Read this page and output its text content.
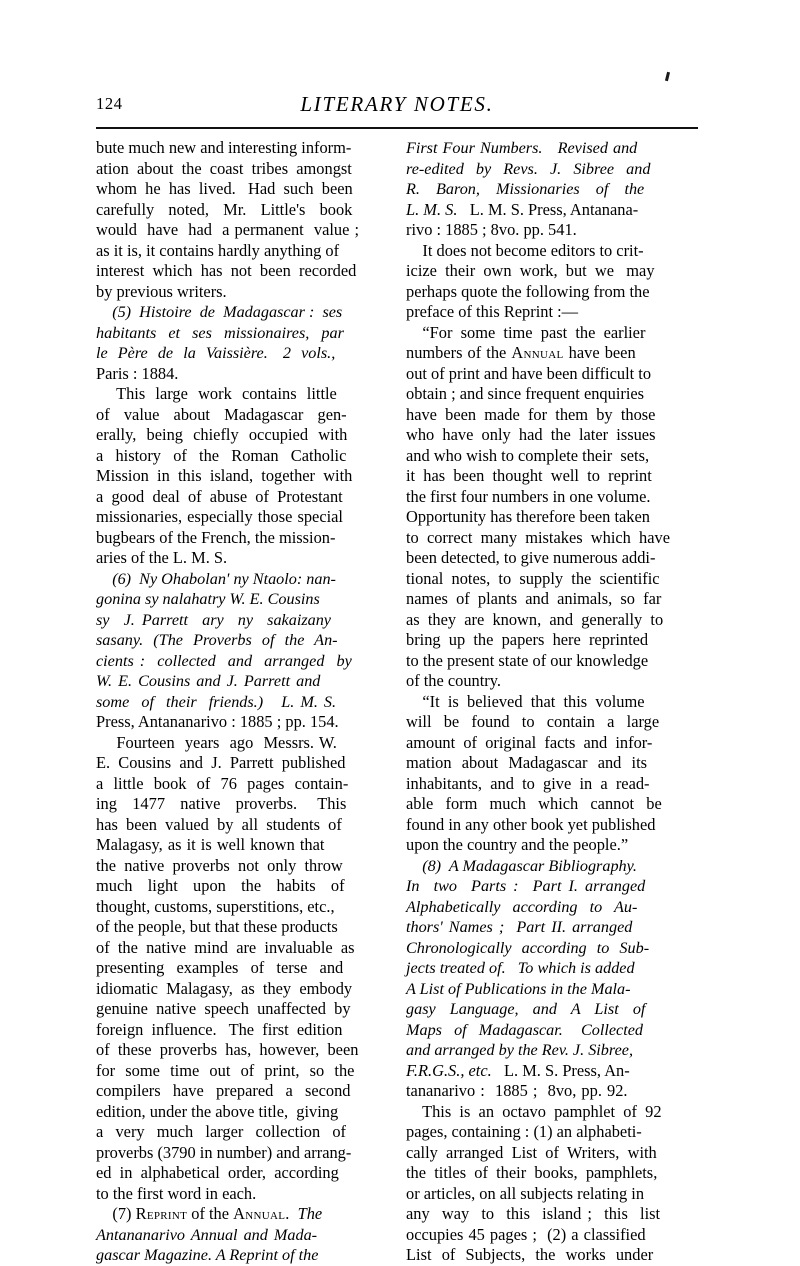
124	LITERARY NOTES.
bute much new and interesting inform-
ation  about  the  coast  tribes  amongst
whom  he  has  lived.   Had  such  been
carefully  noted,  Mr.  Little's  book
would  have  had  a permanent  value ;
as it is, it contains hardly anything of
interest  which  has  not  been  recorded
by previous writers.
(5)  Histoire  de  Madagascar :  ses
habitants  et  ses  missionaires,  par
le  Père  de  la  Vaissière.   2  vols.,
Paris : 1884.
This  large  work  contains  little
of  value  about  Madagascar  gen-
erally,  being  chiefly  occupied  with
a  history  of  the  Roman  Catholic
Mission  in  this  island,  together  with
a  good  deal  of  abuse  of  Protestant
missionaries, especially those special
bugbears of the French, the mission-
aries of the L. M. S.
(6)  Ny Ohabolan' ny Ntaolo: nan-
gonina sy nalahatry W. E. Cousins
sy  J. Parrett  ary  ny  sakaizany
sasany.  (The  Proverbs  of  the  An-
cients :  collected  and  arranged  by
W. E. Cousins and J. Parrett and
some  of  their  friends.)   L. M. S.
Press, Antananarivo : 1885 ; pp. 154.
Fourteen  years  ago  Messrs. W.
E.  Cousins  and  J.  Parrett  published
a  little  book  of  76  pages  contain-
ing   1477   native   proverbs.    This
has  been  valued  by  all  students  of
Malagasy, as it is well known that
the  native  proverbs  not  only  throw
much   light   upon   the   habits   of
thought, customs, superstitions, etc.,
of the people, but that these products
of  the  native  mind  are  invaluable  as
presenting  examples  of  terse  and
idiomatic  Malagasy,  as  they  embody
genuine  native  speech  unaffected  by
foreign  influence.   The  first  edition
of  these  proverbs  has,  however,  been
for  some  time  out  of  print,  so  the
compilers  have  prepared  a  second
edition, under the above title,  giving
a  very  much  larger  collection  of
proverbs (3790 in number) and arrang-
ed  in  alphabetical  order,  according
to the first word in each.
(7) Reprint of the Annual.  The
Antananarivo Annual and Mada-
gascar Magazine. A Reprint of the
First Four Numbers.   Revised and
re-edited  by  Revs.  J.  Sibree  and
R.  Baron,  Missionaries  of  the
L. M. S.   L. M. S. Press, Antanana-
rivo : 1885 ; 8vo. pp. 541.
It does not become editors to crit-
icize  their  own  work,  but  we   may
perhaps quote the following from the
preface of this Reprint :—
“For  some  time  past  the  earlier
numbers of the Annual have been
out of print and have been difficult to
obtain ; and since frequent enquiries
have  been  made  for  them  by  those
who  have  only  had  the  later  issues
and who wish to complete their  sets,
it  has  been  thought  well  to  reprint
the first four numbers in one volume.
Opportunity has therefore been taken
to  correct  many  mistakes  which  have
been detected, to give numerous addi-
tional  notes,  to  supply  the  scientific
names  of  plants  and  animals,  so  far
as  they  are  known,  and  generally  to
bring  up  the  papers  here  reprinted
to the present state of our knowledge
of the country.
“It  is  believed  that  this  volume
will  be  found  to  contain  a  large
amount  of  original  facts  and  infor-
mation  about  Madagascar  and  its
inhabitants,  and  to  give  in  a  read-
able  form  much  which  cannot  be
found in any other book yet published
upon the country and the people.”
(8)  A Madagascar Bibliography.
In  two  Parts :  Part I. arranged
Alphabetically  according  to  Au-
thors' Names ;  Part II. arranged
Chronologically  according  to  Sub-
jects treated of.   To which is added
A List of Publications in the Mala-
gasy  Language,  and  A  List  of
Maps  of  Madagascar.   Collected
and arranged by the Rev. J. Sibree,
F.R.G.S., etc.   L. M. S. Press, An-
tananarivo :  1885 ;  8vo, pp. 92.
This  is  an  octavo  pamphlet  of  92
pages, containing : (1) an alphabeti-
cally  arranged  List  of  Writers,  with
the  titles  of  their  books,  pamphlets,
or articles, on all subjects relating in
any  way  to  this  island ;  this  list
occupies 45 pages ;  (2) a classified
List  of  Subjects,  the  works  under
